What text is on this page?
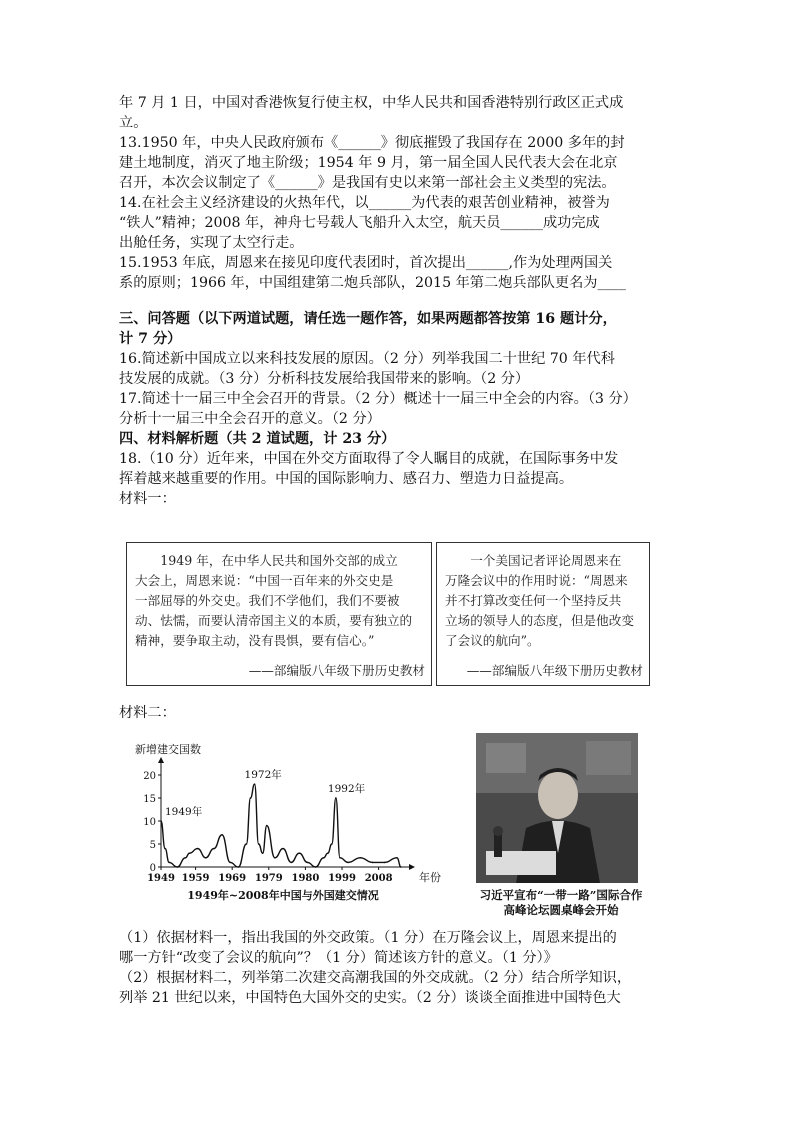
年 7 月 1 日，中国对香港恢复行使主权，中华人民共和国香港特别行政区正式成
立。
13.1950 年，中央人民政府颁布《______》彻底摧毁了我国存在 2000 多年的封
建土地制度，消灭了地主阶级；1954 年 9 月，第一届全国人民代表大会在北京
召开，本次会议制定了《______》是我国有史以来第一部社会主义类型的宪法。
14.在社会主义经济建设的火热年代，以______为代表的艰苦创业精神，被誉为
“铁人”精神；2008 年，神舟七号载人飞船升入太空，航天员______成功完成
出舱任务，实现了太空行走。
15.1953 年底，周恩来在接见印度代表团时，首次提出______,作为处理两国关
系的原则；1966 年，中国组建第二炮兵部队，2015 年第二炮兵部队更名为____
三、问答题（以下两道试题，请任选一题作答，如果两题都答按第 16 题计分，
计 7 分）
16.简述新中国成立以来科技发展的原因。（2 分）列举我国二十世纪 70 年代科
技发展的成就。（3 分）分析科技发展给我国带来的影响。（2 分）
17.简述十一届三中全会召开的背景。（2 分）概述十一届三中全会的内容。（3 分）
分析十一届三中全会召开的意义。（2 分）
四、材料解析题（共 2 道试题，计 23 分）
18.（10 分）近年来，中国在外交方面取得了令人瞩目的成就，在国际事务中发
挥着越来越重要的作用。中国的国际影响力、感召力、塑造力日益提高。
材料一：
　　1949 年，在中华人民共和国外交部的成立
大会上，周恩来说：“中国一百年来的外交史是
一部屈辱的外交史。我们不学他们，我们不要被
动、怯懦，而要认清帝国主义的本质，要有独立的
精神，要争取主动，没有畏惧，要有信心。”
——部编版八年级下册历史教材
　　一个美国记者评论周恩来在
万隆会议中的作用时说：“周恩来
并不打算改变任何一个坚持反共
立场的领导人的态度，但是他改变
了会议的航向”。
——部编版八年级下册历史教材
材料二：
新增建交国数
0
5
10
15
20
1949 1959 1969 1979 1980 1999 2008 年份
1949年
1972年
1992年
1949年~2008年中国与外国建交情况	习近平宣布“一带一路”国际合作
高峰论坛圆桌峰会开始
（1）依据材料一，指出我国的外交政策。（1 分）在万隆会议上，周恩来提出的
哪一方针“改变了会议的航向”？（1 分）简述该方针的意义。（1 分）》
（2）根据材料二，列举第二次建交高潮我国的外交成就。（2 分）结合所学知识，
列举 21 世纪以来，中国特色大国外交的史实。（2 分）谈谈全面推进中国特色大
